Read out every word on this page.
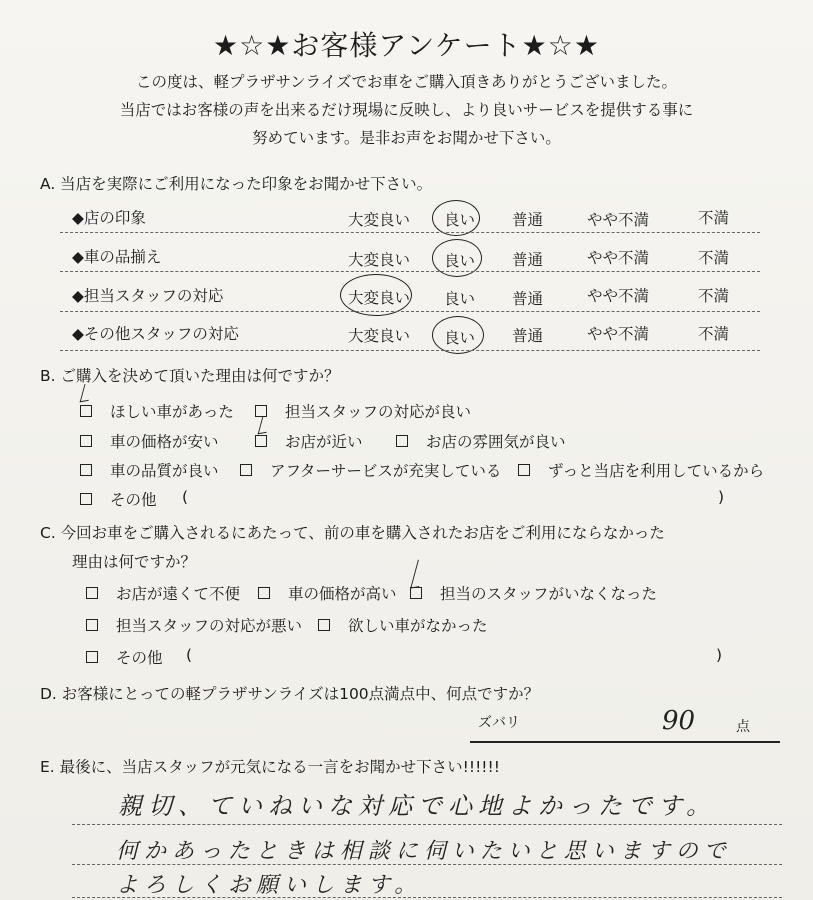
★☆★お客様アンケート★☆★
この度は、軽プラザサンライズでお車をご購入頂きありがとうございました。
当店ではお客様の声を出来るだけ現場に反映し、より良いサービスを提供する事に
努めています。是非お声をお聞かせ下さい。
A. 当店を実際にご利用になった印象をお聞かせ下さい。
◆店の印象	大変良い 良い 普通	やや不満	不満
◆車の品揃え	大変良い 良い 普通	やや不満	不満
◆担当スタッフの対応	大変良い 良い 普通	やや不満	不満
◆その他スタッフの対応	大変良い 良い 普通	やや不満	不満
B. ご購入を決めて頂いた理由は何ですか？
ほしい車があった	担当スタッフの対応が良い
車の価格が安い	お店が近い	お店の雰囲気が良い
車の品質が良い	アフターサービスが充実している	ずっと当店を利用しているから
その他 (	)
C. 今回お車をご購入されるにあたって、前の車を購入されたお店をご利用にならなかった
理由は何ですか？
お店が遠くて不便	車の価格が高い	担当のスタッフがいなくなった
担当スタッフの対応が悪い	欲しい車がなかった
その他 (	)
D. お客様にとっての軽プラザサンライズは100点満点中、何点ですか？
ズバリ	90	点
E. 最後に、当店スタッフが元気になる一言をお聞かせ下さい!!!!!!
親切、ていねいな対応で心地よかったです。
何かあったときは相談に伺いたいと思いますので
よろしくお願いします。
